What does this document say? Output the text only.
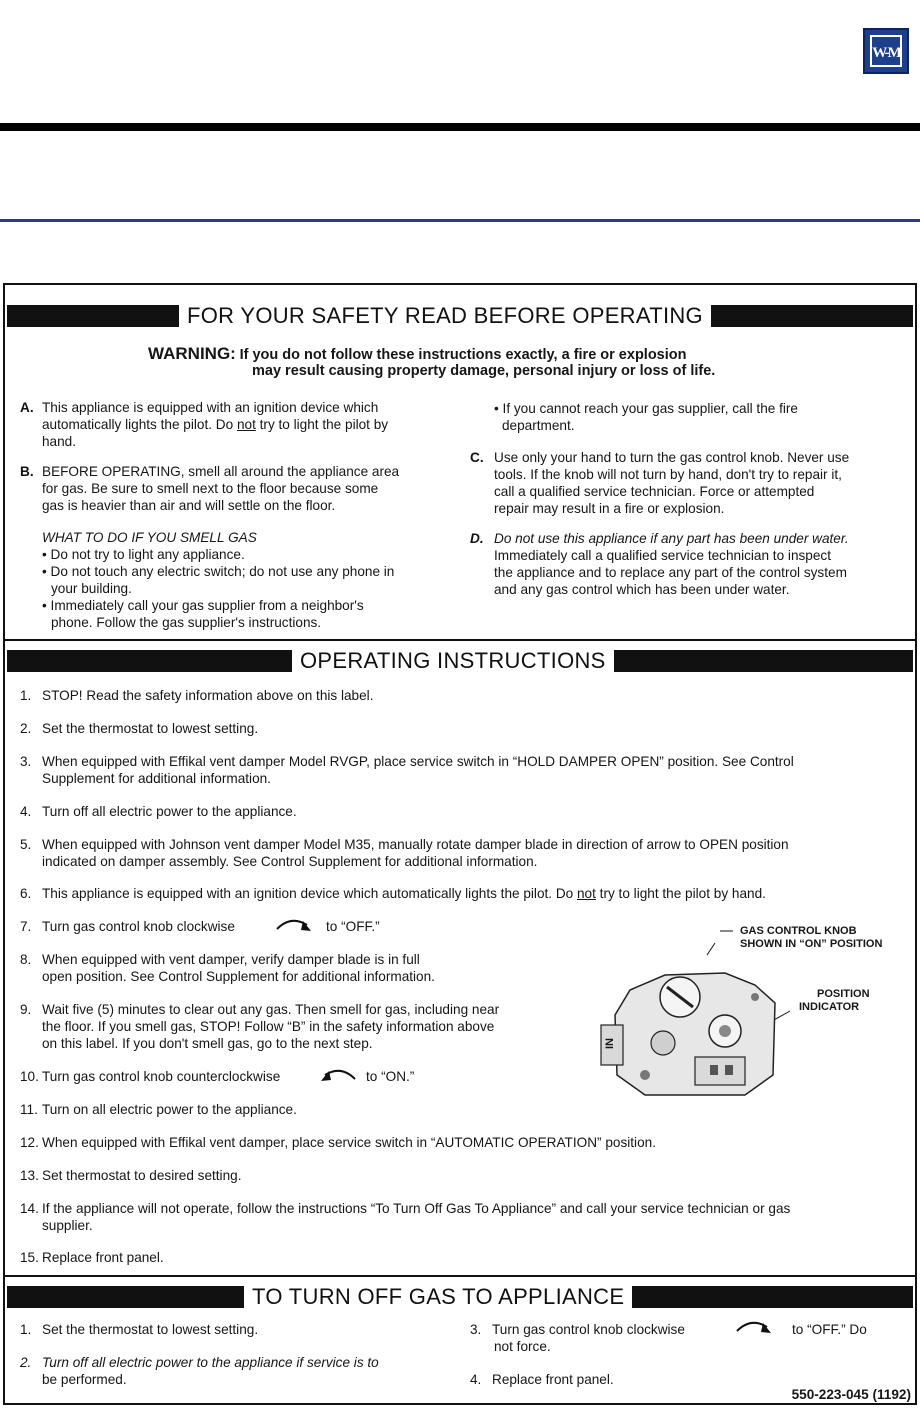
W-M
FOR YOUR SAFETY READ BEFORE OPERATING
WARNING: If you do not follow these instructions exactly, a fire or explosion
may result causing property damage, personal injury or loss of life.
A. This appliance is equipped with an ignition device which
automatically lights the pilot. Do not try to light the pilot by
hand.
B. BEFORE OPERATING, smell all around the appliance area
for gas. Be sure to smell next to the floor because some
gas is heavier than air and will settle on the floor.
WHAT TO DO IF YOU SMELL GAS
• Do not try to light any appliance.
• Do not touch any electric switch; do not use any phone in
your building.
• Immediately call your gas supplier from a neighbor's
phone. Follow the gas supplier's instructions.
• If you cannot reach your gas supplier, call the fire
department.
C. Use only your hand to turn the gas control knob. Never use
tools. If the knob will not turn by hand, don't try to repair it,
call a qualified service technician. Force or attempted
repair may result in a fire or explosion.
D. Do not use this appliance if any part has been under water.
Immediately call a qualified service technician to inspect
the appliance and to replace any part of the control system
and any gas control which has been under water.
OPERATING INSTRUCTIONS
1. STOP! Read the safety information above on this label.
2. Set the thermostat to lowest setting.
3. When equipped with Effikal vent damper Model RVGP, place service switch in “HOLD DAMPER OPEN” position. See Control
Supplement for additional information.
4. Turn off all electric power to the appliance.
5. When equipped with Johnson vent damper Model M35, manually rotate damper blade in direction of arrow to OPEN position
indicated on damper assembly. See Control Supplement for additional information.
6. This appliance is equipped with an ignition device which automatically lights the pilot. Do not try to light the pilot by hand.
7. Turn gas control knob clockwise	to “OFF.”
8. When equipped with vent damper, verify damper blade is in full
open position. See Control Supplement for additional information.
9. Wait five (5) minutes to clear out any gas. Then smell for gas, including near
the floor. If you smell gas, STOP! Follow “B” in the safety information above
on this label. If you don't smell gas, go to the next step.
10. Turn gas control knob counterclockwise	to “ON.”
11. Turn on all electric power to the appliance.
12. When equipped with Effikal vent damper, place service switch in “AUTOMATIC OPERATION” position.
13. Set thermostat to desired setting.
14. If the appliance will not operate, follow the instructions “To Turn Off Gas To Appliance” and call your service technician or gas
supplier.
15. Replace front panel.
GAS CONTROL KNOB
SHOWN IN “ON” POSITION
POSITION
INDICATOR
IN
TO TURN OFF GAS TO APPLIANCE
1. Set the thermostat to lowest setting.
2. Turn off all electric power to the appliance if service is to
be performed.
3. Turn gas control knob clockwise	to “OFF.” Do
not force.
4. Replace front panel.
550-223-045 (1192)
